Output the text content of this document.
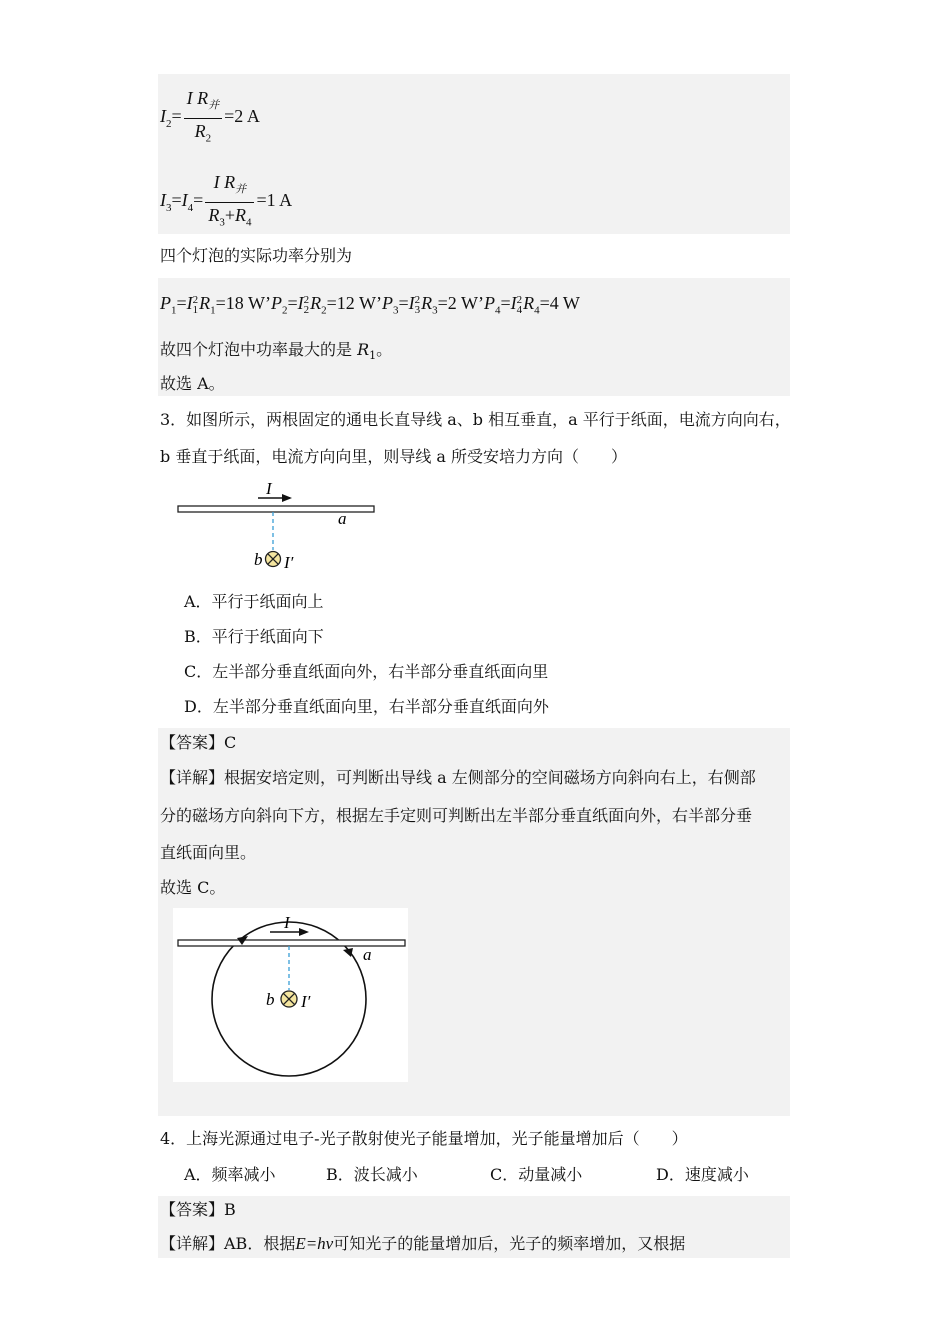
$I_2= \frac{I R_并}{R_2} =2$ A
$I_3=I_4= \frac{I R_并}{R_3+R_4} =1$ A
四个灯泡的实际功率分别为
$P_1=I$ 2
1 $R_1=18$ $W’P_2=I$ 2
2 $R_2=12$ $W’P_3=I$ 2
3 $R_3=2$ $W’P_4=I$ 2
4 $R_4=4$ W
故四个灯泡中功率最大的是 $R_1$。
故选 A。
3．如图所示，两根固定的通电长直导线 a、b 相互垂直，a 平行于纸面，电流方向向右，
b 垂直于纸面，电流方向向里，则导线 a 所受安培力方向（　　）
I
a
b I′
A．平行于纸面向上
B．平行于纸面向下
C．左半部分垂直纸面向外，右半部分垂直纸面向里
D．左半部分垂直纸面向里，右半部分垂直纸面向外
【答案】C
【详解】根据安培定则，可判断出导线 a 左侧部分的空间磁场方向斜向右上，右侧部
分的磁场方向斜向下方，根据左手定则可判断出左半部分垂直纸面向外，右半部分垂
直纸面向里。
故选 C。
I
a
b I′
4．上海光源通过电子-光子散射使光子能量增加，光子能量增加后（　　）
A．频率减小	B．波长减小	C．动量减小	D．速度减小
【答案】B
【详解】AB．根据E=hν可知光子的能量增加后，光子的频率增加，又根据
